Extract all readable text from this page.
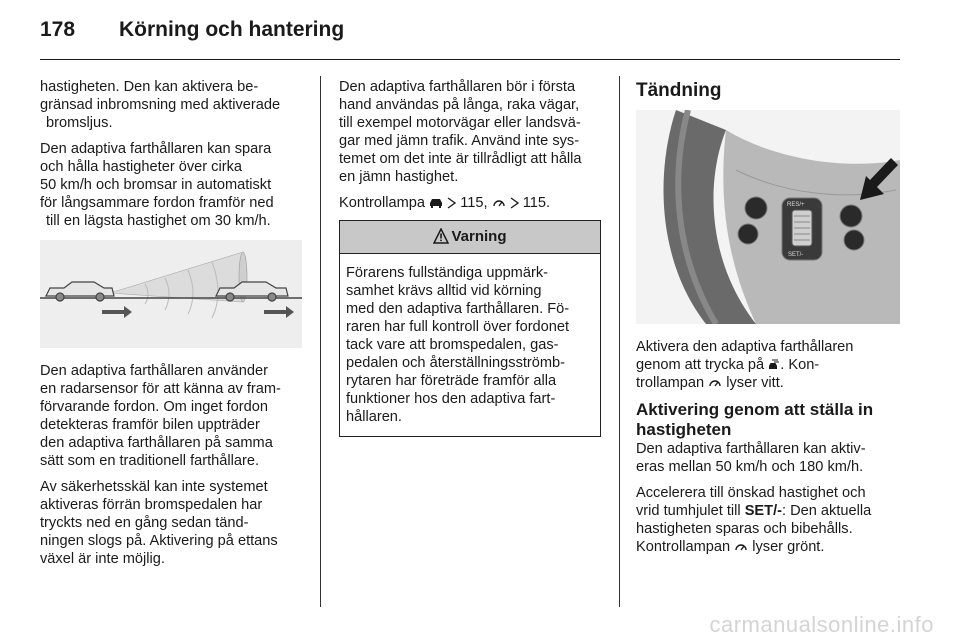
178 Körning och hantering

hastigheten. Den kan aktivera be-
gränsad inbromsning med aktiverade

bromsljus.

Den adaptiva farthållaren kan spara
och hålla hastigheter över cirka
50 km/h och bromsar in automatiskt
för långsammare fordon framför ned

till en lägsta hastighet om 30 km/h.

Den adaptiva farthållaren använder
en radarsensor för att känna av fram-
förvarande fordon. Om inget fordon
detekteras framför bilen uppträder
den adaptiva farthållaren på samma
sätt som en traditionell farthållare.

Av säkerhetsskäl kan inte systemet
aktiveras förrän bromspedalen har
tryckts ned en gång sedan tänd-
ningen slogs på. Aktivering på ettans
växel är inte möjlig.

Den adaptiva farthållaren bör i första
hand användas på långa, raka vägar,
till exempel motorvägar eller landsvä-
gar med jämn trafik. Använd inte sys-
temet om det inte är tillrådligt att hålla
en jämn hastighet.

Kontrollampa 115, 115.

Varning
Förarens fullständiga uppmärk-
samhet krävs alltid vid körning
med den adaptiva farthållaren. Fö-
raren har full kontroll över fordonet
tack vare att bromspedalen, gas-
pedalen och återställningsströmb-
rytaren har företräde framför alla
funktioner hos den adaptiva fart-
hållaren.
Tändning
RES/+
SET/-

Aktivera den adaptiva farthållaren
genom att trycka på . Kon-
trollampan lyser vitt.

Aktivering genom att ställa in
hastigheten

Den adaptiva farthållaren kan aktiv-
eras mellan 50 km/h och 180 km/h.

Accelerera till önskad hastighet och
vrid tumhjulet till SET/-: Den aktuella
hastigheten sparas och bibehålls.
Kontrollampan lyser grönt.

carmanualsonline.info
